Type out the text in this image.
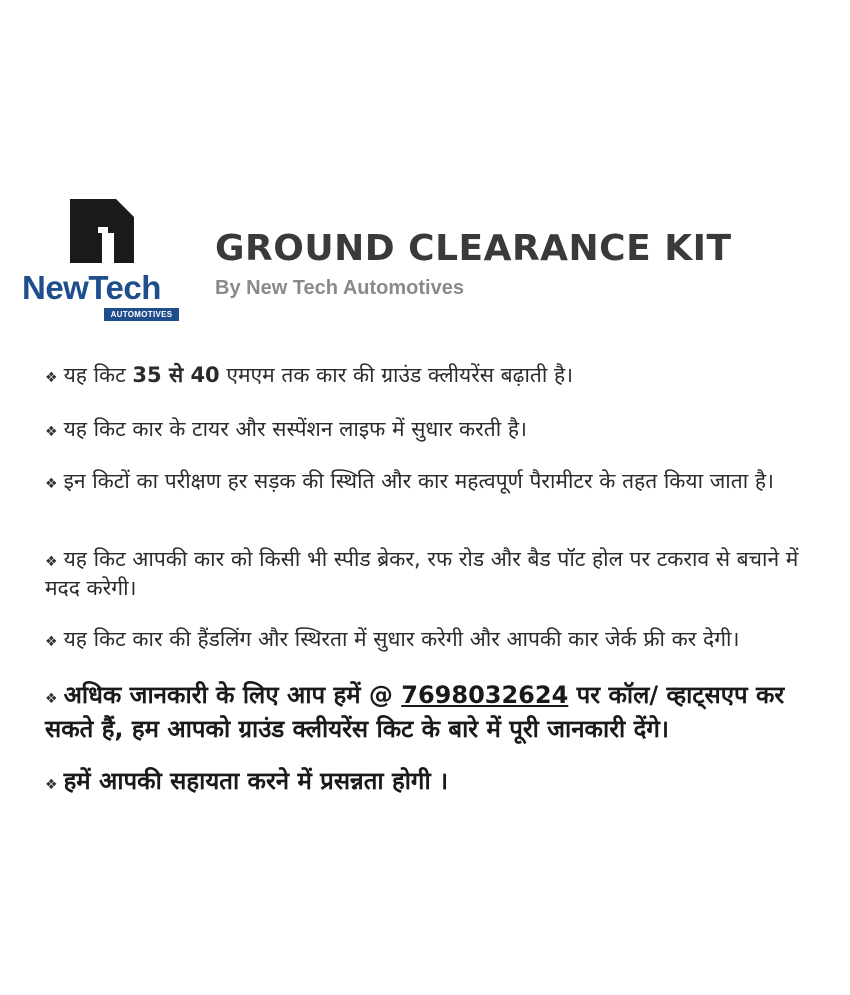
NewTech
AUTOMOTIVES
GROUND CLEARANCE KIT
By New Tech Automotives
❖ यह किट 35 से 40 एमएम तक कार की ग्राउंड क्लीयरेंस बढ़ाती है।
❖ यह किट कार के टायर और सस्पेंशन लाइफ में सुधार करती है।
❖ इन किटों का परीक्षण हर सड़क की स्थिति और कार महत्वपूर्ण पैरामीटर के तहत किया जाता है।
❖ यह किट आपकी कार को किसी भी स्पीड ब्रेकर, रफ रोड और बैड पॉट होल पर टकराव से बचाने में मदद करेगी।
❖ यह किट कार की हैंडलिंग और स्थिरता में सुधार करेगी और आपकी कार जेर्क फ्री कर देगी।
❖ अधिक जानकारी के लिए आप हमें @ 7698032624 पर कॉल/ व्हाट्सएप कर सकते हैं, हम आपको ग्राउंड क्लीयरेंस किट के बारे में पूरी जानकारी देंगे।
❖ हमें आपकी सहायता करने में प्रसन्नता होगी ।
